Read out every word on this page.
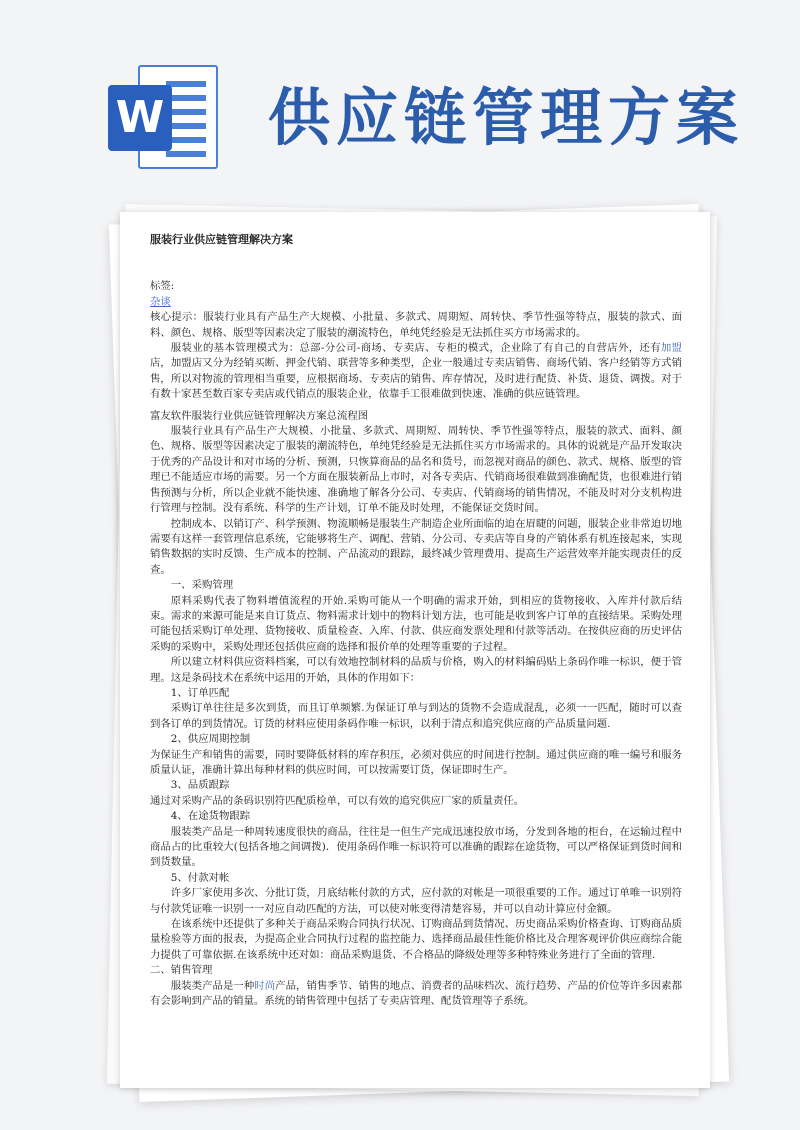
W 供应链管理方案
服装行业供应链管理解决方案
标签:
杂谈

核心提示：服装行业具有产品生产大规模、小批量、多款式、周期短、周转快、季节性强等特点，服装的款式、面料、颜色、规格、版型等因素决定了服装的潮流特色，单纯凭经验是无法抓住买方市场需求的。

服装业的基本管理模式为：总部-分公司-商场、专卖店、专柜的模式，企业除了有自己的自营店外，还有加盟店，加盟店又分为经销买断、押金代销、联营等多种类型，企业一般通过专卖店销售、商场代销、客户经销等方式销售，所以对物流的管理相当重要，应根据商场、专卖店的销售、库存情况，及时进行配货、补货、退货、调拨。对于有数十家甚至数百家专卖店或代销点的服装企业，依靠手工很难做到快速、准确的供应链管理。

富友软件服装行业供应链管理解决方案总流程图

服装行业具有产品生产大规模、小批量、多款式、周期短、周转快、季节性强等特点，服装的款式、面料、颜色、规格、版型等因素决定了服装的潮流特色，单纯凭经验是无法抓住买方市场需求的。具体的说就是产品开发取决于优秀的产品设计和对市场的分析、预测，只恢算商品的品名和货号，而忽视对商品的颜色、款式、规格、版型的管理已不能适应市场的需要。另一个方面在服装新品上市时，对各专卖店、代销商场很难做到准确配货，也很难进行销售预测与分析，所以企业就不能快速、准确地了解各分公司、专卖店、代销商场的销售情况，不能及时对分支机构进行管理与控制。没有系统、科学的生产计划，订单不能及时处理，不能保证交货时间。

控制成本、以销订产、科学预测、物流顺畅是服装生产制造企业所面临的迫在眉睫的问题，服装企业非常迫切地需要有这样一套管理信息系统，它能够将生产、调配、营销、分公司、专卖店等自身的产销体系有机连接起来，实现销售数据的实时反馈、生产成本的控制、产品流动的跟踪，最终减少管理费用、提高生产运营效率并能实现责任的反查。

一、采购管理

原料采购代表了物料增值流程的开始.采购可能从一个明确的需求开始，到相应的货物接收、入库并付款后结束。需求的来源可能是来自订货点、物料需求计划中的物料计划方法，也可能是收到客户订单的直接结果。采购处理可能包括采购订单处理、货物接收、质量检查、入库、付款、供应商发票处理和付款等活动。在按供应商的历史评估采购的采购中，采购处理还包括供应商的选择和报价单的处理等重要的子过程。

所以建立材料供应资料档案，可以有效地控制材料的品质与价格，购入的材料编码贴上条码作唯一标识，便于管理。这是条码技术在系统中运用的开始，具体的作用如下：

1、订单匹配

采购订单往往是多次到货，而且订单频繁.为保证订单与到达的货物不会造成混乱，必须一一匹配，随时可以查到各订单的到货情况。订货的材料应使用条码作唯一标识，以利于清点和追究供应商的产品质量问题.

2、供应周期控制

为保证生产和销售的需要，同时要降低材料的库存积压，必须对供应的时间进行控制。通过供应商的唯一编号和服务质量认证，准确计算出每种材料的供应时间，可以按需要订货，保证即时生产。

3、品质跟踪

通过对采购产品的条码识别符匹配质检单，可以有效的追究供应厂家的质量责任。

4、在途货物跟踪

服装类产品是一种周转速度很快的商品，往往是一但生产完成迅速投放市场，分发到各地的柜台，在运输过程中商品占的比重较大(包括各地之间调拨)．使用条码作唯一标识符可以准确的跟踪在途货物，可以严格保证到货时间和到货数量。

5、付款对帐

许多厂家使用多次、分批订货，月底结帐付款的方式，应付款的对帐是一项很重要的工作。通过订单唯一识别符与付款凭证唯一识别一一对应自动匹配的方法，可以使对帐变得清楚容易，并可以自动计算应付金额。

在该系统中还提供了多种关于商品采购合同执行状况、订购商品到货情况、历史商品采购价格查询、订购商品质量检验等方面的报表，为提高企业合同执行过程的监控能力、选择商品最佳性能价格比及合理客观评价供应商综合能力提供了可靠依据.在该系统中还对如：商品采购退货、不合格品的降级处理等多种特殊业务进行了全面的管理.

二、销售管理

服装类产品是一种时尚产品，销售季节、销售的地点、消费者的品味档次、流行趋势、产品的价位等许多因素都有会影响到产品的销量。系统的销售管理中包括了专卖店管理、配货管理等子系统。
